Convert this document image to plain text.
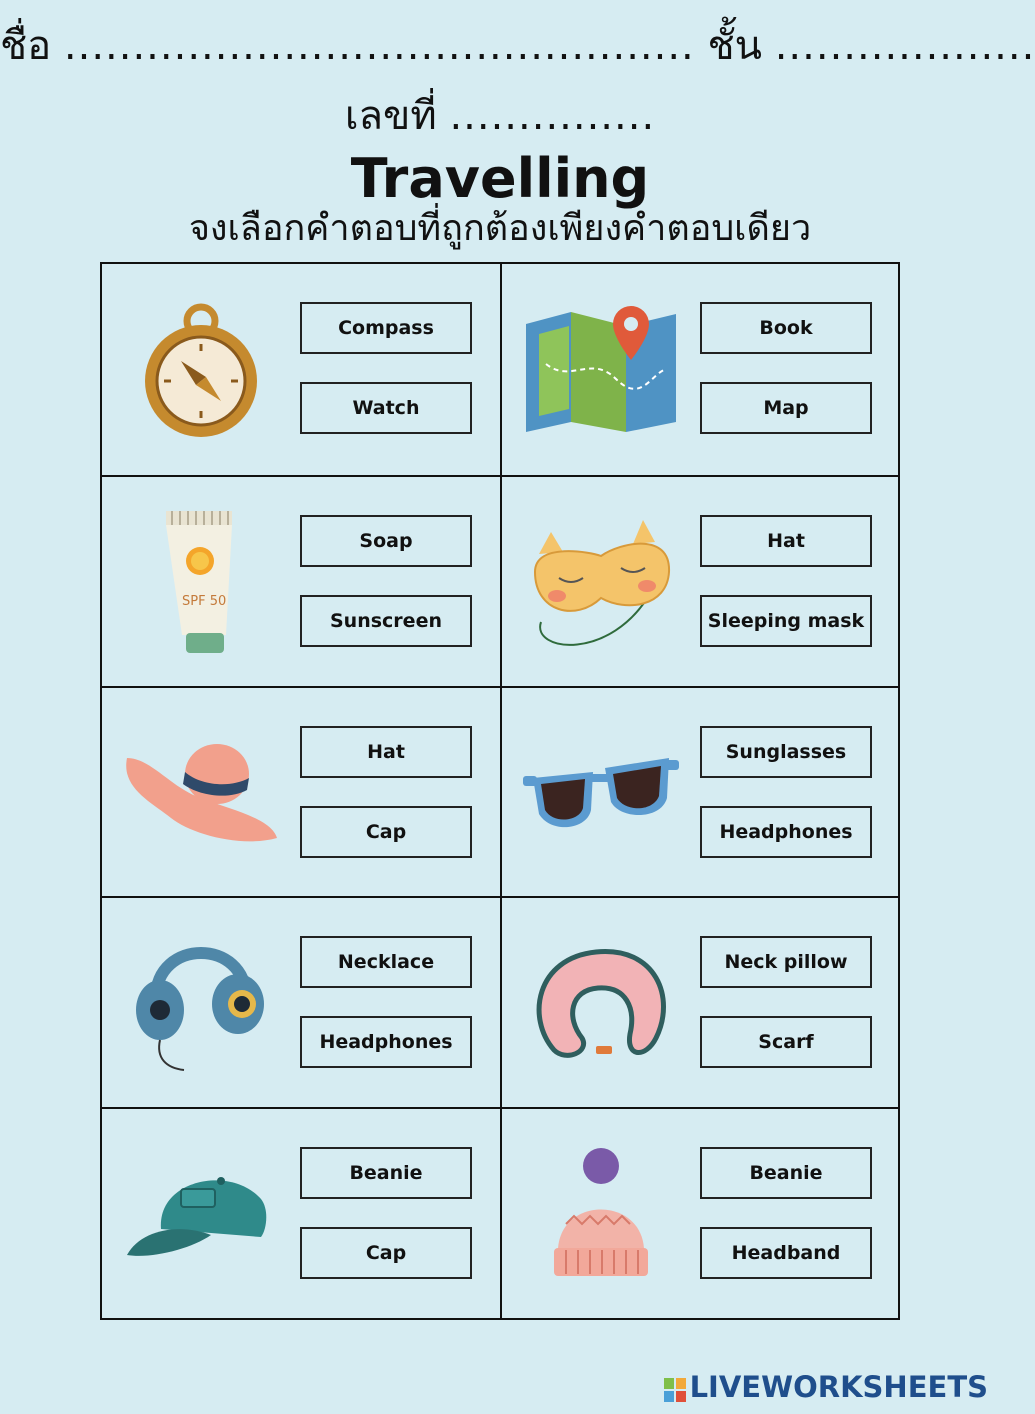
ชื่อ .............................................. ชั้น ...................
เลขที่ ...............
Travelling
จงเลือกคำตอบที่ถูกต้องเพียงคำตอบเดียว
Compass
Watch
Book
Map
SPF 50
Soap
Sunscreen
Hat
Sleeping mask
Hat
Cap
Sunglasses
Headphones
Necklace
Headphones
Neck pillow
Scarf
Beanie
Cap
Beanie
Headband
LIVEWORKSHEETS
